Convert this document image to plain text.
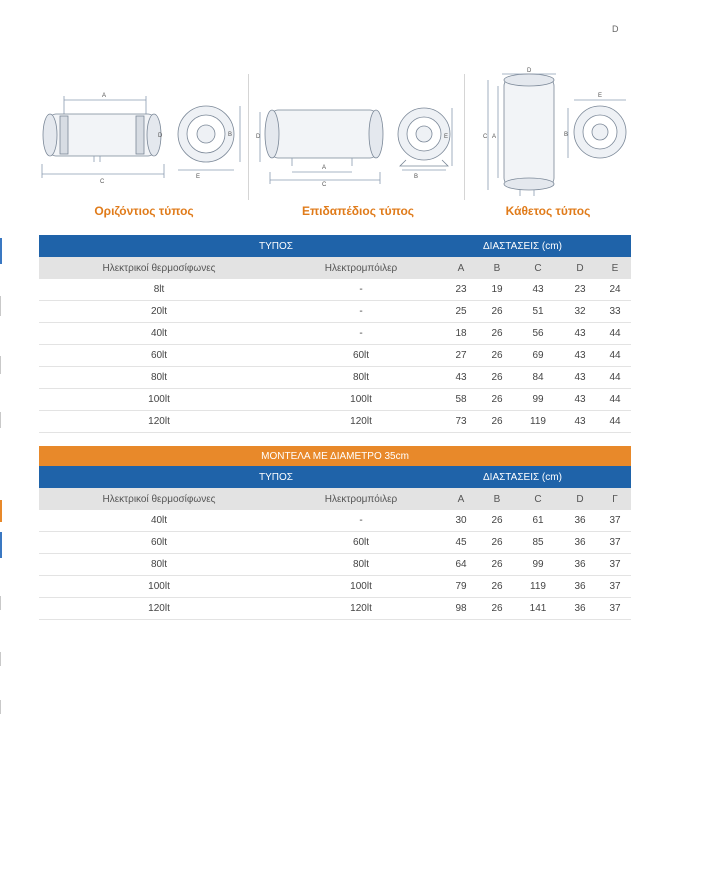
D
A
C
D
E
B
A
C
D
B
E
D
C A	B
E
Οριζόντιος τύπος	Επιδαπέδιος τύπος	Κάθετος τύπος
ΤΥΠΟΣ		ΔΙΑΣΤΑΣΕΙΣ (cm)				
Ηλεκτρικοί θερμοσίφωνες	Ηλεκτρομπόιλερ	A	B	C	D	E
8lt	-	23	19	43	23	24
20lt	-	25	26	51	32	33
40lt	-	18	26	56	43	44
60lt	60lt	27	26	69	43	44
80lt	80lt	43	26	84	43	44
100lt	100lt	58	26	99	43	44
120lt	120lt	73	26	119	43	44
ΜΟΝΤΕΛΑ ΜΕ ΔΙΑΜΕΤΡΟ 35cm						
ΤΥΠΟΣ		ΔΙΑΣΤΑΣΕΙΣ (cm)				
Ηλεκτρικοί θερμοσίφωνες	Ηλεκτρομπόιλερ	A	B	C	D	Γ
40lt	-	30	26	61	36	37
60lt	60lt	45	26	85	36	37
80lt	80lt	64	26	99	36	37
100lt	100lt	79	26	119	36	37
120lt	120lt	98	26	141	36	37
